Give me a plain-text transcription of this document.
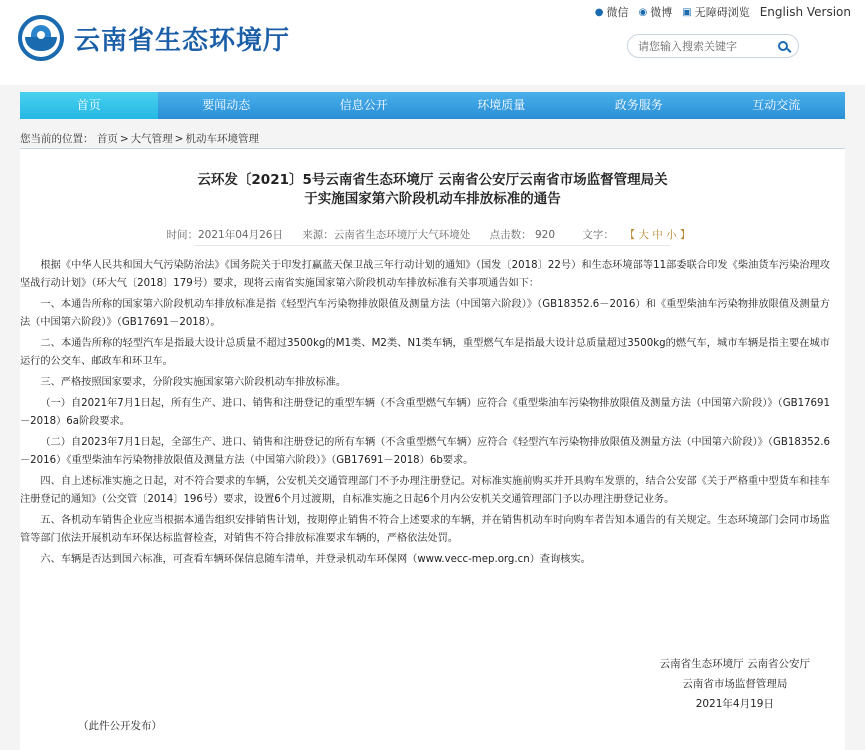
云南省生态环境厅
● 微信 ◉ 微博 ▣ 无障碍浏览 English Version
请您输入搜索关键字
首页	要闻动态	信息公开	环境质量	政务服务	互动交流
您当前的位置： 首页 > 大气管理 > 机动车环境管理
云环发〔2021〕5号云南省生态环境厅 云南省公安厅云南省市场监督管理局关
于实施国家第六阶段机动车排放标准的通告
时间：2021年04月26日 来源：云南省生态环境厅大气环境处 点击数： 920	文字： 【 大 中 小 】

根据《中华人民共和国大气污染防治法》《国务院关于印发打赢蓝天保卫战三年行动计划的通知》（国发〔2018〕22号）和生态环境部等11部委联合印发《柴油货车污染治理攻坚战行动计划》（环大气〔2018〕179号）要求，现将云南省实施国家第六阶段机动车排放标准有关事项通告如下：

一、本通告所称的国家第六阶段机动车排放标准是指《轻型汽车污染物排放限值及测量方法（中国第六阶段）》（GB18352.6－2016）和《重型柴油车污染物排放限值及测量方法（中国第六阶段）》（GB17691－2018）。

二、本通告所称的轻型汽车是指最大设计总质量不超过3500kg的M1类、M2类、N1类车辆，重型燃气车是指最大设计总质量超过3500kg的燃气车，城市车辆是指主要在城市运行的公交车、邮政车和环卫车。

三、严格按照国家要求，分阶段实施国家第六阶段机动车排放标准。

（一）自2021年7月1日起，所有生产、进口、销售和注册登记的重型车辆（不含重型燃气车辆）应符合《重型柴油车污染物排放限值及测量方法（中国第六阶段）》（GB17691－2018）6a阶段要求。

（二）自2023年7月1日起，全部生产、进口、销售和注册登记的所有车辆（不含重型燃气车辆）应符合《轻型汽车污染物排放限值及测量方法（中国第六阶段）》（GB18352.6－2016）《重型柴油车污染物排放限值及测量方法（中国第六阶段）》（GB17691－2018）6b要求。

四、自上述标准实施之日起，对不符合要求的车辆，公安机关交通管理部门不予办理注册登记。对标准实施前购买并开具购车发票的，结合公安部《关于严格重中型货车和挂车注册登记的通知》（公交管〔2014〕196号）要求，设置6个月过渡期，自标准实施之日起6个月内公安机关交通管理部门予以办理注册登记业务。

五、各机动车销售企业应当根据本通告组织安排销售计划，按期停止销售不符合上述要求的车辆，并在销售机动车时向购车者告知本通告的有关规定。生态环境部门会同市场监管等部门依法开展机动车环保达标监督检查，对销售不符合排放标准要求车辆的，严格依法处罚。

六、车辆是否达到国六标准，可查看车辆环保信息随车清单，并登录机动车环保网（www.vecc-mep.org.cn）查询核实。

云南省生态环境厅 云南省公安厅
云南省市场监督管理局
2021年4月19日
（此件公开发布）
